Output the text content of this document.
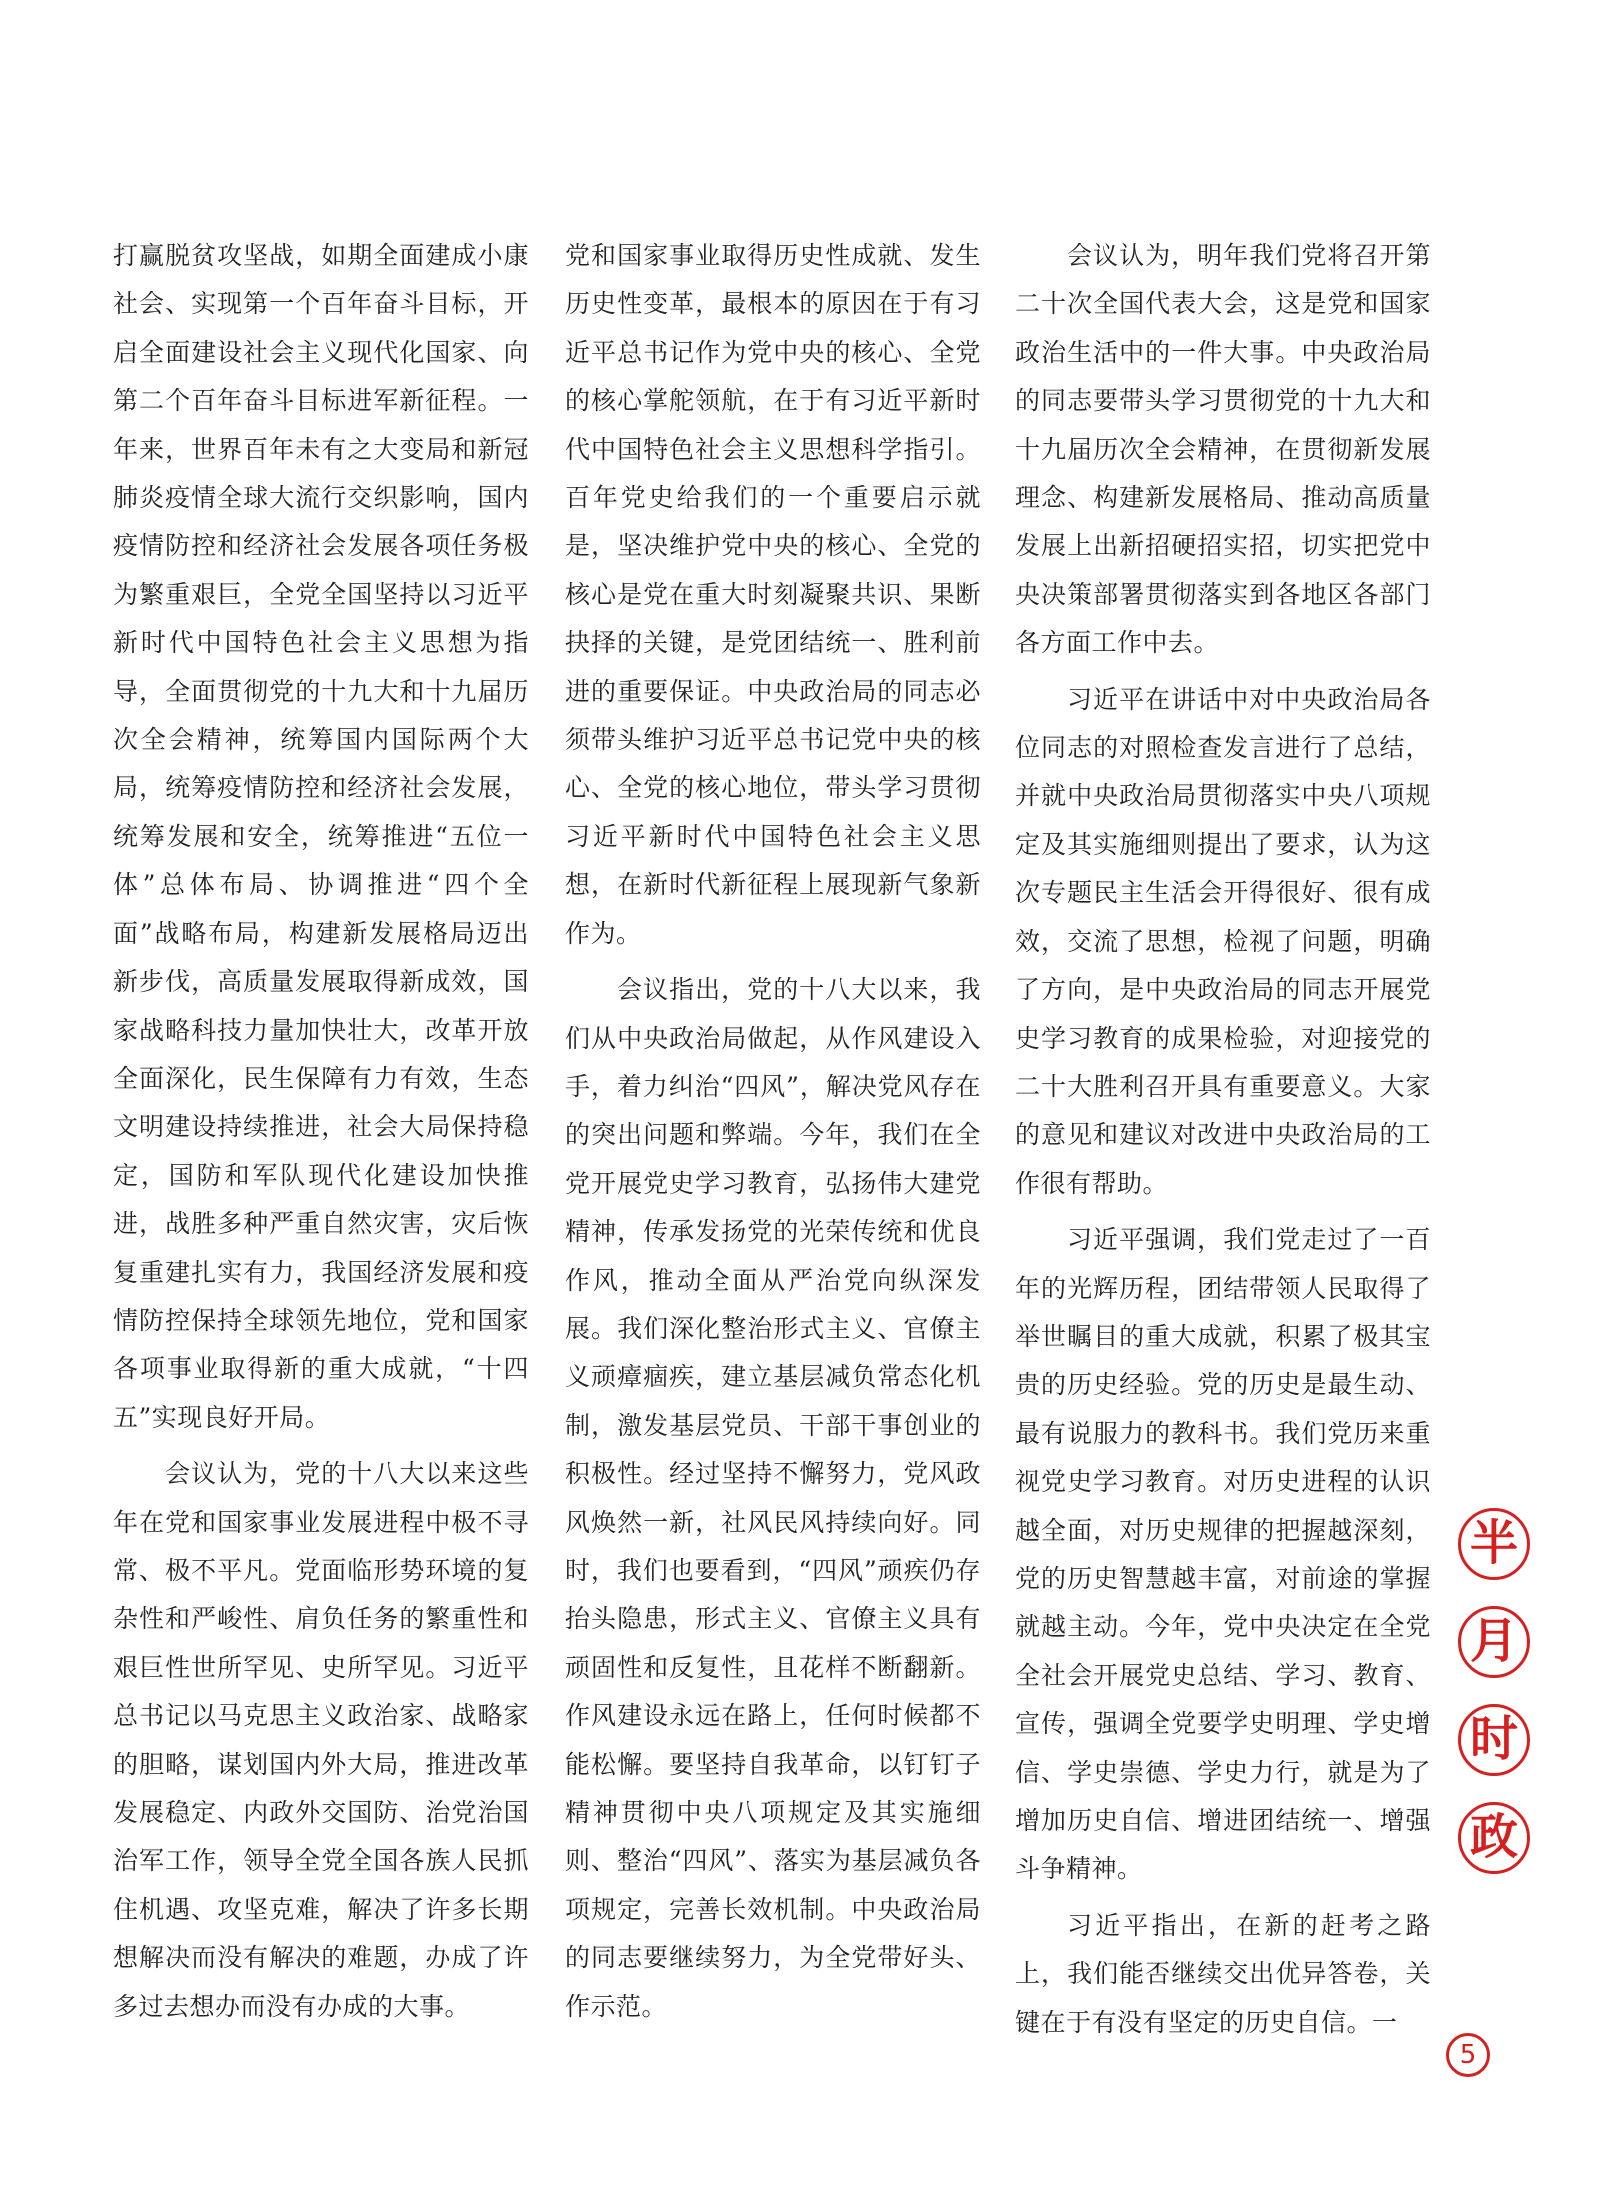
打赢脱贫攻坚战，如期全面建成小康社会、实现第一个百年奋斗目标，开启全面建设社会主义现代化国家、向第二个百年奋斗目标进军新征程。一年来，世界百年未有之大变局和新冠肺炎疫情全球大流行交织影响，国内疫情防控和经济社会发展各项任务极为繁重艰巨，全党全国坚持以习近平新时代中国特色社会主义思想为指导，全面贯彻党的十九大和十九届历次全会精神，统筹国内国际两个大局，统筹疫情防控和经济社会发展，统筹发展和安全，统筹推进“五位一体”总体布局、协调推进“四个全面”战略布局，构建新发展格局迈出新步伐，高质量发展取得新成效，国家战略科技力量加快壮大，改革开放全面深化，民生保障有力有效，生态文明建设持续推进，社会大局保持稳定，国防和军队现代化建设加快推进，战胜多种严重自然灾害，灾后恢复重建扎实有力，我国经济发展和疫情防控保持全球领先地位，党和国家各项事业取得新的重大成就，“十四五”实现良好开局。

会议认为，党的十八大以来这些年在党和国家事业发展进程中极不寻常、极不平凡。党面临形势环境的复杂性和严峻性、肩负任务的繁重性和艰巨性世所罕见、史所罕见。习近平总书记以马克思主义政治家、战略家的胆略，谋划国内外大局，推进改革发展稳定、内政外交国防、治党治国治军工作，领导全党全国各族人民抓住机遇、攻坚克难，解决了许多长期想解决而没有解决的难题，办成了许多过去想办而没有办成的大事。

党和国家事业取得历史性成就、发生历史性变革，最根本的原因在于有习近平总书记作为党中央的核心、全党的核心掌舵领航，在于有习近平新时代中国特色社会主义思想科学指引。百年党史给我们的一个重要启示就是，坚决维护党中央的核心、全党的核心是党在重大时刻凝聚共识、果断抉择的关键，是党团结统一、胜利前进的重要保证。中央政治局的同志必须带头维护习近平总书记党中央的核心、全党的核心地位，带头学习贯彻习近平新时代中国特色社会主义思想，在新时代新征程上展现新气象新作为。

会议指出，党的十八大以来，我们从中央政治局做起，从作风建设入手，着力纠治“四风”，解决党风存在的突出问题和弊端。今年，我们在全党开展党史学习教育，弘扬伟大建党精神，传承发扬党的光荣传统和优良作风，推动全面从严治党向纵深发展。我们深化整治形式主义、官僚主义顽瘴痼疾，建立基层减负常态化机制，激发基层党员、干部干事创业的积极性。经过坚持不懈努力，党风政风焕然一新，社风民风持续向好。同时，我们也要看到，“四风”顽疾仍存抬头隐患，形式主义、官僚主义具有顽固性和反复性，且花样不断翻新。作风建设永远在路上，任何时候都不能松懈。要坚持自我革命，以钉钉子精神贯彻中央八项规定及其实施细则、整治“四风”、落实为基层减负各项规定，完善长效机制。中央政治局的同志要继续努力，为全党带好头、作示范。

会议认为，明年我们党将召开第二十次全国代表大会，这是党和国家政治生活中的一件大事。中央政治局的同志要带头学习贯彻党的十九大和十九届历次全会精神，在贯彻新发展理念、构建新发展格局、推动高质量发展上出新招硬招实招，切实把党中央决策部署贯彻落实到各地区各部门各方面工作中去。

习近平在讲话中对中央政治局各位同志的对照检查发言进行了总结，并就中央政治局贯彻落实中央八项规定及其实施细则提出了要求，认为这次专题民主生活会开得很好、很有成效，交流了思想，检视了问题，明确了方向，是中央政治局的同志开展党史学习教育的成果检验，对迎接党的二十大胜利召开具有重要意义。大家的意见和建议对改进中央政治局的工作很有帮助。

习近平强调，我们党走过了一百年的光辉历程，团结带领人民取得了举世瞩目的重大成就，积累了极其宝贵的历史经验。党的历史是最生动、最有说服力的教科书。我们党历来重视党史学习教育。对历史进程的认识越全面，对历史规律的把握越深刻，党的历史智慧越丰富，对前途的掌握就越主动。今年，党中央决定在全党全社会开展党史总结、学习、教育、宣传，强调全党要学史明理、学史增信、学史崇德、学史力行，就是为了增加历史自信、增进团结统一、增强斗争精神。

习近平指出，在新的赶考之路上，我们能否继续交出优异答卷，关键在于有没有坚定的历史自信。一

半
月
时
政
5
